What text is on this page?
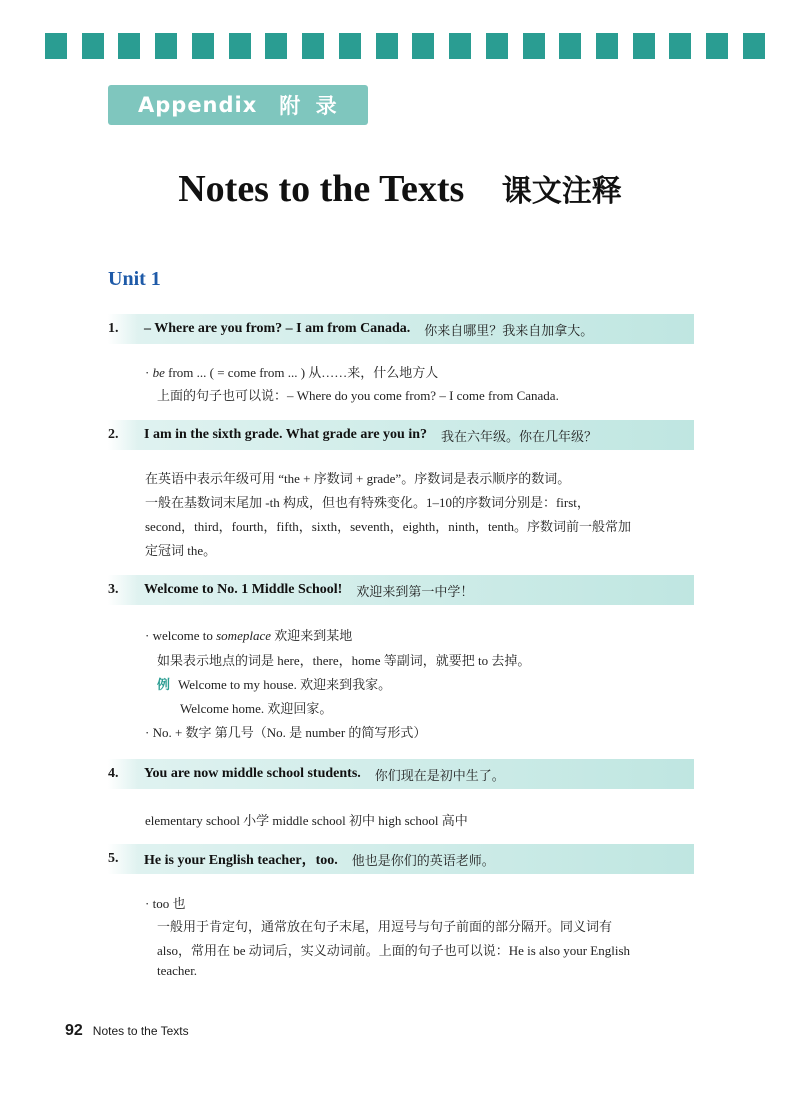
Appendix 附 录
Notes to the Texts 课文注释
Unit 1
1.	– Where are you from? – I am from Canada. 你来自哪里？我来自加拿大。
· be from ... ( = come from ... ) 从……来，什么地方人
上面的句子也可以说：– Where do you come from? – I come from Canada.
2.	I am in the sixth grade. What grade are you in? 我在六年级。你在几年级？
在英语中表示年级可用 “the + 序数词 + grade”。序数词是表示顺序的数词。
一般在基数词末尾加 -th 构成，但也有特殊变化。1–10的序数词分别是：first，
second，third，fourth，fifth，sixth，seventh，eighth，ninth，tenth。序数词前一般常加
定冠词 the。
3.	Welcome to No. 1 Middle School! 欢迎来到第一中学！
· welcome to someplace 欢迎来到某地
如果表示地点的词是 here，there，home 等副词，就要把 to 去掉。
例 Welcome to my house. 欢迎来到我家。
Welcome home. 欢迎回家。
· No. + 数字 第几号（No. 是 number 的简写形式）
4.	You are now middle school students. 你们现在是初中生了。
elementary school 小学 middle school 初中 high school 高中
5.	He is your English teacher，too. 他也是你们的英语老师。
· too 也
一般用于肯定句，通常放在句子末尾，用逗号与句子前面的部分隔开。同义词有
also，常用在 be 动词后，实义动词前。上面的句子也可以说：He is also your English
teacher.
92 Notes to the Texts
